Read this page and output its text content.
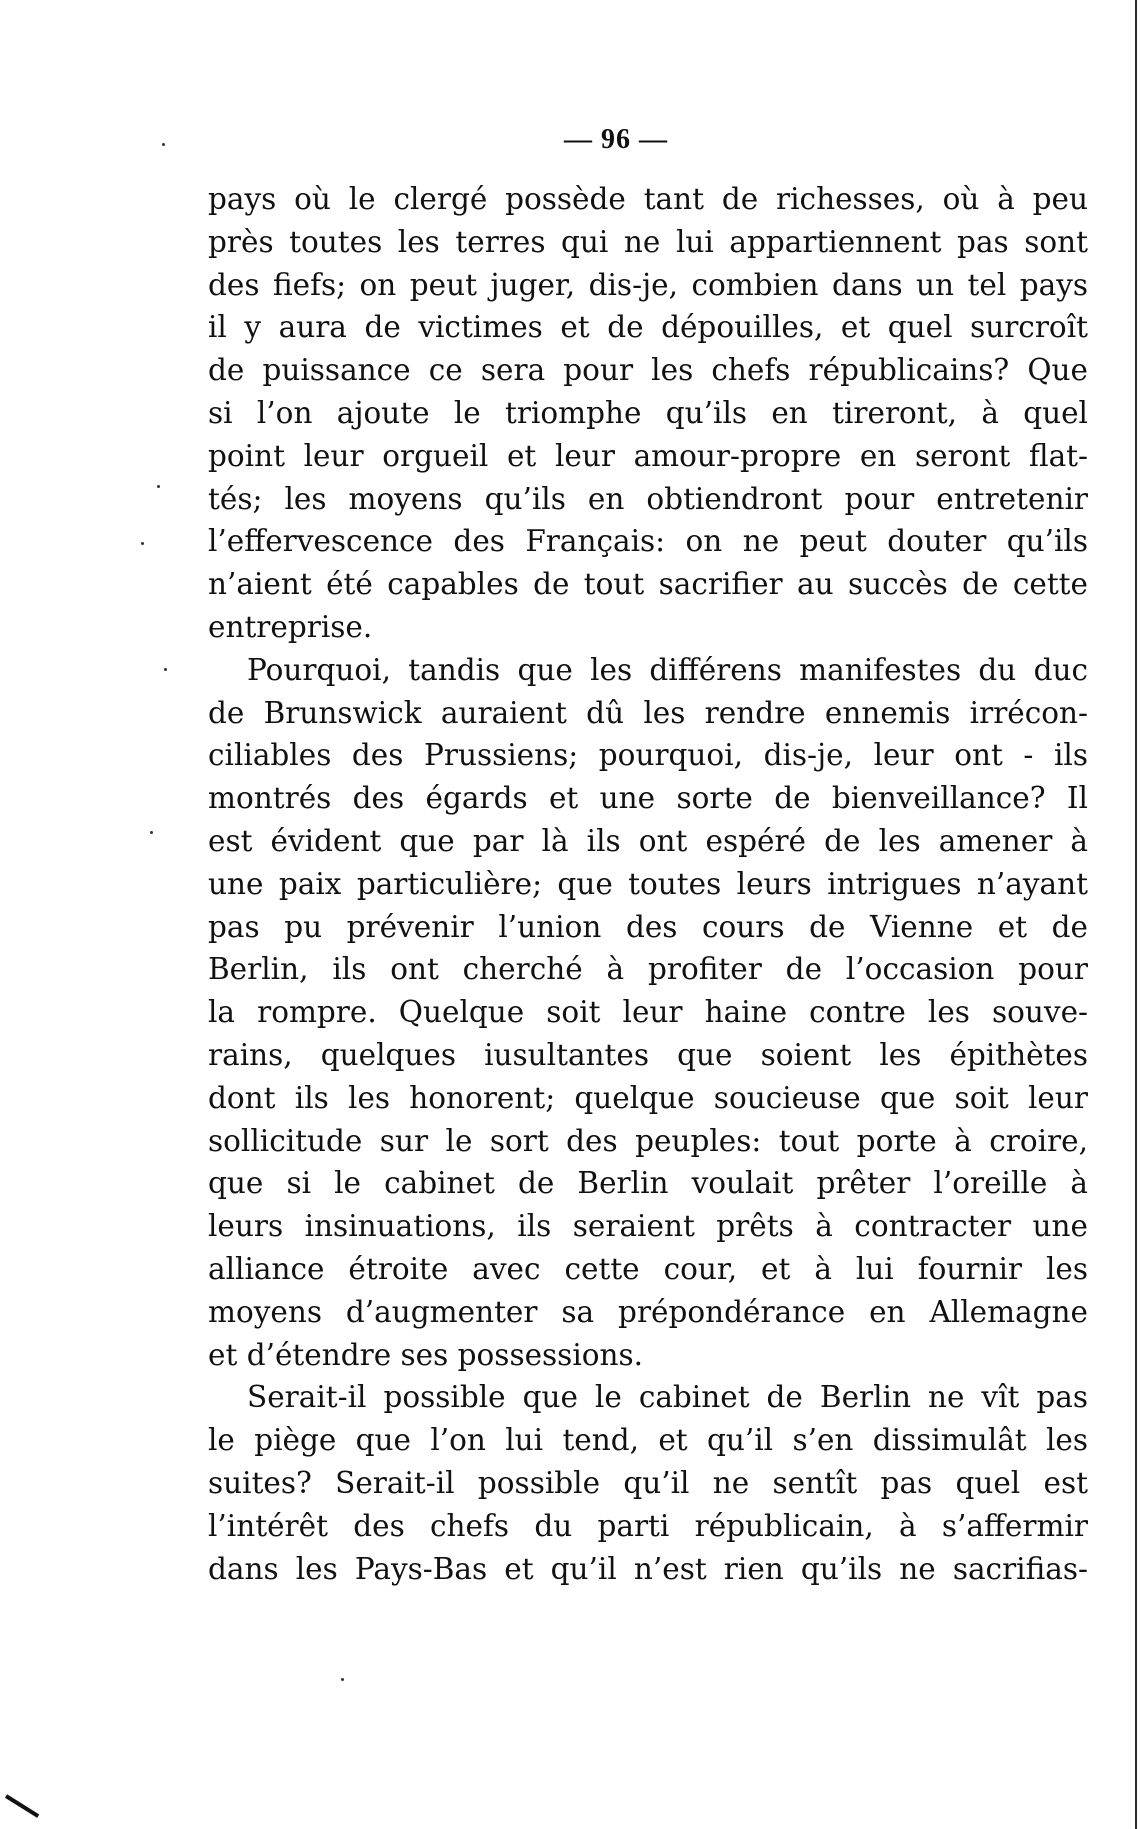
— 96 —
pays où le clergé possède tant de richesses, où à peu
près toutes les terres qui ne lui appartiennent pas sont
des fiefs; on peut juger, dis-je, combien dans un tel pays
il y aura de victimes et de dépouilles, et quel surcroît
de puissance ce sera pour les chefs républicains? Que
si l’on ajoute le triomphe qu’ils en tireront, à quel
point leur orgueil et leur amour-propre en seront flat-
tés; les moyens qu’ils en obtiendront pour entretenir
l’effervescence des Français: on ne peut douter qu’ils
n’aient été capables de tout sacrifier au succès de cette
entreprise.
Pourquoi, tandis que les différens manifestes du duc
de Brunswick auraient dû les rendre ennemis irrécon-
ciliables des Prussiens; pourquoi, dis-je, leur ont - ils
montrés des égards et une sorte de bienveillance? Il
est évident que par là ils ont espéré de les amener à
une paix particulière; que toutes leurs intrigues n’ayant
pas pu prévenir l’union des cours de Vienne et de
Berlin, ils ont cherché à profiter de l’occasion pour
la rompre. Quelque soit leur haine contre les souve-
rains, quelques iusultantes que soient les épithètes
dont ils les honorent; quelque soucieuse que soit leur
sollicitude sur le sort des peuples: tout porte à croire,
que si le cabinet de Berlin voulait prêter l’oreille à
leurs insinuations, ils seraient prêts à contracter une
alliance étroite avec cette cour, et à lui fournir les
moyens d’augmenter sa prépondérance en Allemagne
et d’étendre ses possessions.
Serait-il possible que le cabinet de Berlin ne vît pas
le piège que l’on lui tend, et qu’il s’en dissimulât les
suites? Serait-il possible qu’il ne sentît pas quel est
l’intérêt des chefs du parti républicain, à s’affermir
dans les Pays-Bas et qu’il n’est rien qu’ils ne sacrifias-
